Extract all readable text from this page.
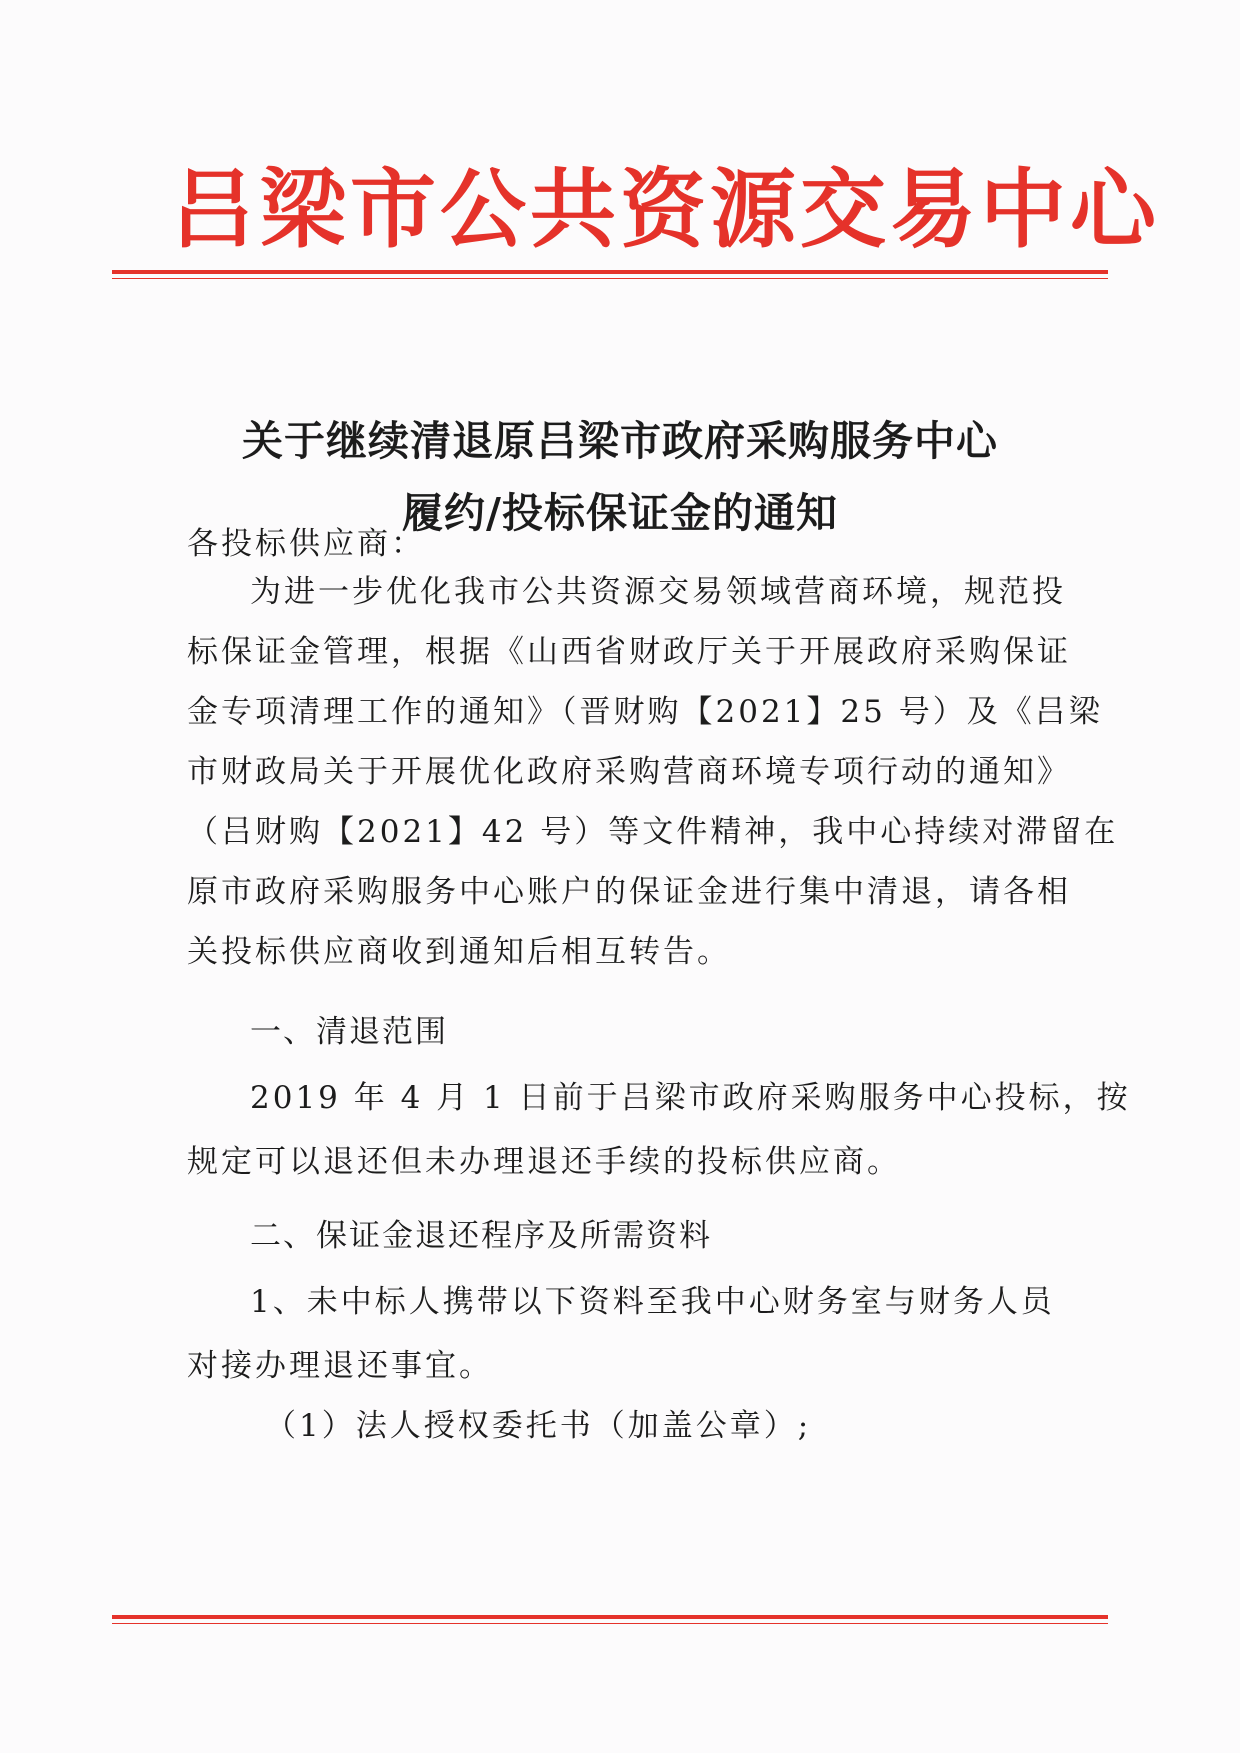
吕梁市公共资源交易中心
关于继续清退原吕梁市政府采购服务中心
履约/投标保证金的通知
各投标供应商：
为进一步优化我市公共资源交易领域营商环境，规范投
标保证金管理，根据《山西省财政厅关于开展政府采购保证
金专项清理工作的通知》（晋财购【2021】25 号）及《吕梁
市财政局关于开展优化政府采购营商环境专项行动的通知》
（吕财购【2021】42 号）等文件精神，我中心持续对滞留在
原市政府采购服务中心账户的保证金进行集中清退，请各相
关投标供应商收到通知后相互转告。
一、清退范围
2019 年 4 月 1 日前于吕梁市政府采购服务中心投标，按
规定可以退还但未办理退还手续的投标供应商。
二、保证金退还程序及所需资料
1、未中标人携带以下资料至我中心财务室与财务人员
对接办理退还事宜。
（1）法人授权委托书（加盖公章）;
